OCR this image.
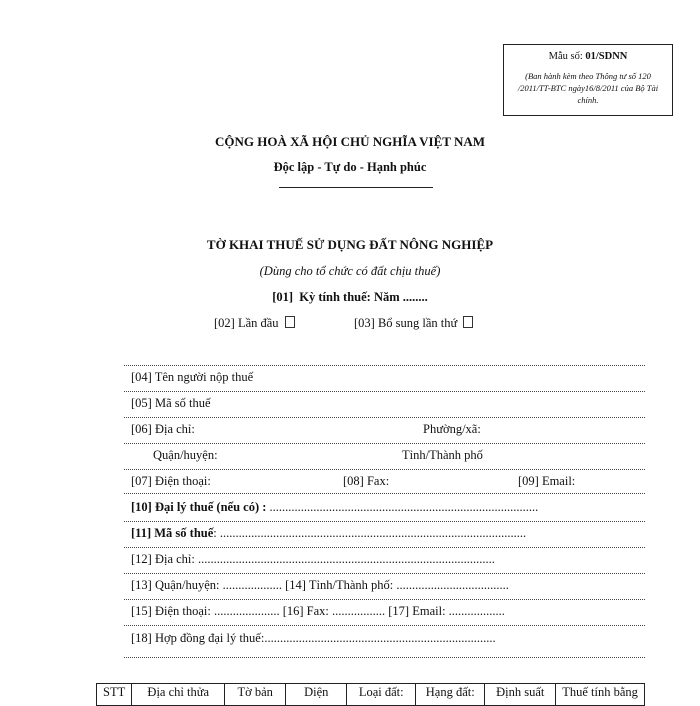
Mẫu số: 01/SDNN
(Ban hành kèm theo Thông tư số 120 /2011/TT-BTC ngày16/8/2011 của Bộ Tài chính.
CỘNG HOÀ XÃ HỘI CHỦ NGHĨA VIỆT NAM
Độc lập - Tự do - Hạnh phúc
TỜ KHAI THUẾ SỬ DỤNG ĐẤT NÔNG NGHIỆP
(Dùng cho tổ chức có đất chịu thuế)
[01] Kỳ tính thuế: Năm ........
[02] Lần đầu	[03] Bổ sung lần thứ
[04] Tên người nộp thuế
[05] Mã số thuế
[06] Địa chỉ:	Phường/xã:
Quận/huyện:	Tỉnh/Thành phố
[07] Điện thoại:	[08] Fax:	[09] Email:
[10] Đại lý thuế (nếu có) : ......................................................................................
[11] Mã số thuế: ..................................................................................................
[12] Địa chỉ: ...............................................................................................
[13] Quận/huyện: ................... [14] Tỉnh/Thành phố: ....................................
[15] Điện thoại: ..................... [16] Fax: ................. [17] Email: ..................
[18] Hợp đồng đại lý thuế:..........................................................................
STT	Địa chỉ thửa	Tờ bản	Diện	Loại đất:	Hạng đất:	Định suất	Thuế tính bằng
